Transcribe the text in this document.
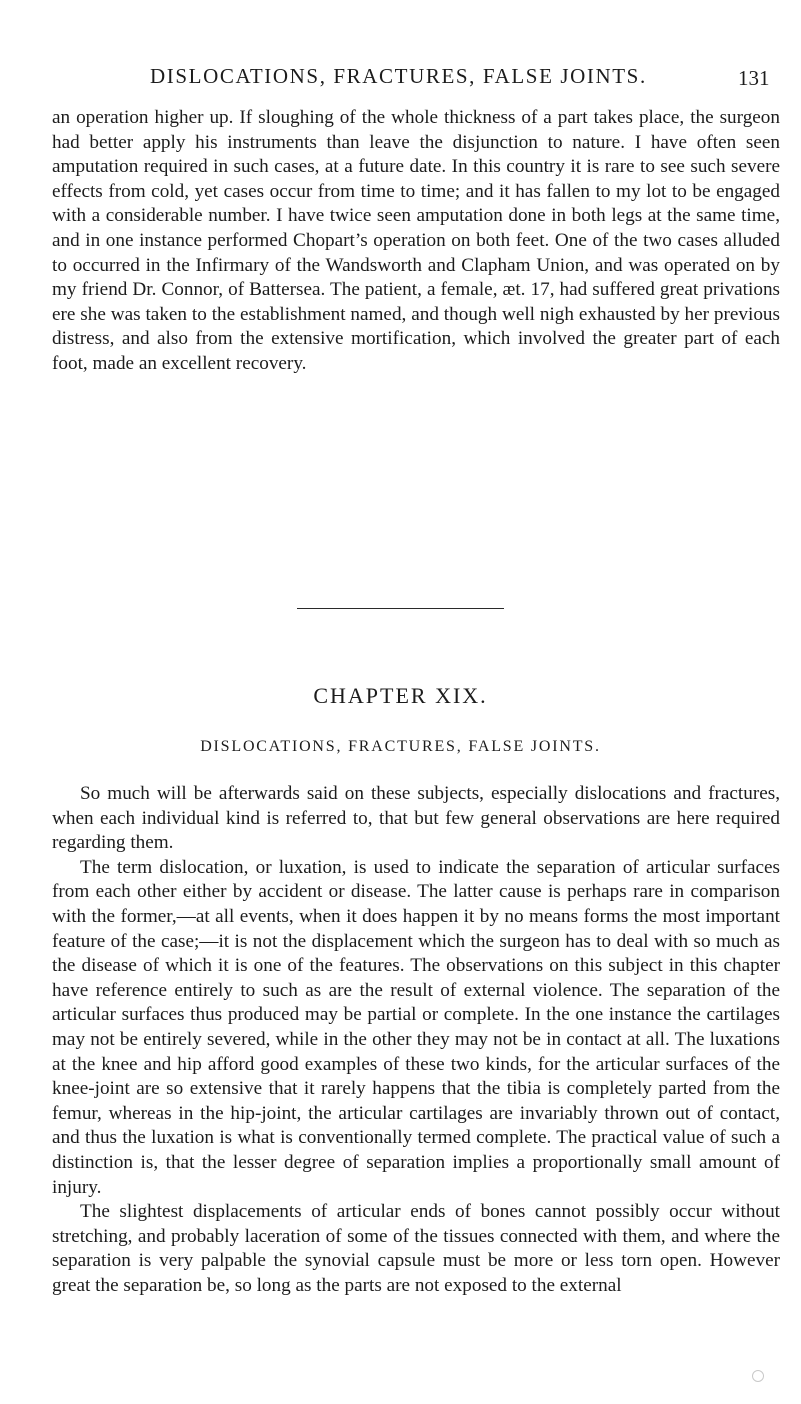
DISLOCATIONS, FRACTURES, FALSE JOINTS.	131

an operation higher up. If sloughing of the whole thickness of a part takes place, the surgeon had better apply his instruments than leave the disjunction to nature. I have often seen amputation required in such cases, at a future date. In this country it is rare to see such severe effects from cold, yet cases occur from time to time; and it has fallen to my lot to be engaged with a considerable number. I have twice seen amputation done in both legs at the same time, and in one instance performed Chopart’s operation on both feet. One of the two cases alluded to occurred in the Infirmary of the Wandsworth and Clapham Union, and was operated on by my friend Dr. Connor, of Battersea. The patient, a female, æt. 17, had suffered great privations ere she was taken to the establishment named, and though well nigh exhausted by her previous distress, and also from the extensive mortification, which involved the greater part of each foot, made an excellent recovery.

CHAPTER XIX.
DISLOCATIONS, FRACTURES, FALSE JOINTS.

So much will be afterwards said on these subjects, especially dislocations and fractures, when each individual kind is referred to, that but few general observations are here required regarding them.

The term dislocation, or luxation, is used to indicate the separation of articular surfaces from each other either by accident or disease. The latter cause is perhaps rare in comparison with the former,—at all events, when it does happen it by no means forms the most important feature of the case;—it is not the displacement which the surgeon has to deal with so much as the disease of which it is one of the features. The observations on this subject in this chapter have reference entirely to such as are the result of external violence. The separation of the articular surfaces thus produced may be partial or complete. In the one instance the cartilages may not be entirely severed, while in the other they may not be in contact at all. The luxations at the knee and hip afford good examples of these two kinds, for the articular surfaces of the knee-joint are so extensive that it rarely happens that the tibia is completely parted from the femur, whereas in the hip-joint, the articular cartilages are invariably thrown out of contact, and thus the luxation is what is conventionally termed complete. The practical value of such a distinction is, that the lesser degree of separation implies a proportionally small amount of injury.

The slightest displacements of articular ends of bones cannot possibly occur without stretching, and probably laceration of some of the tissues connected with them, and where the separation is very palpable the synovial capsule must be more or less torn open. However great the separation be, so long as the parts are not exposed to the external
